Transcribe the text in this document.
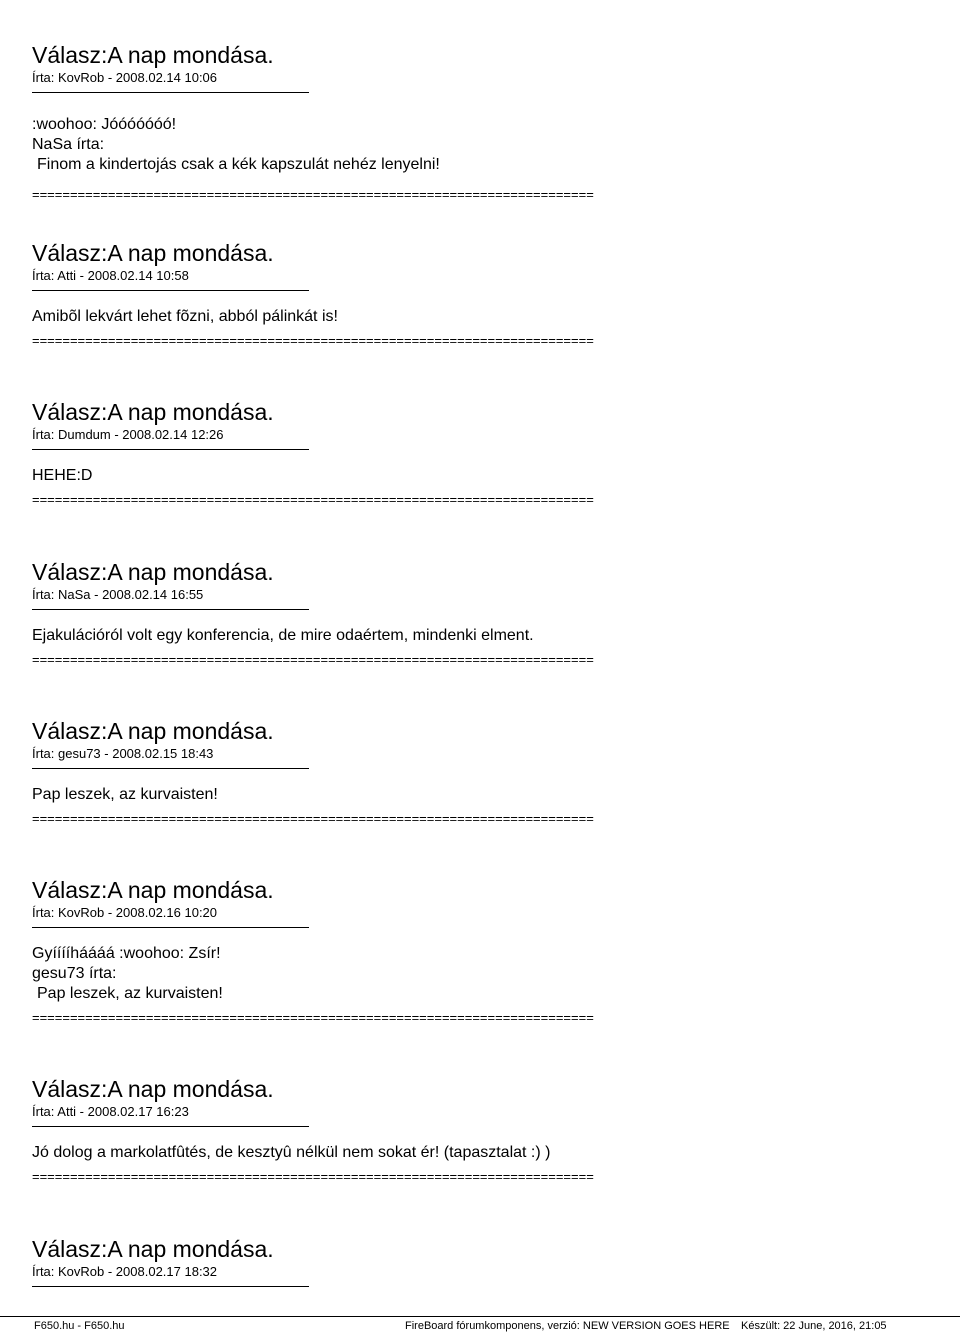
Válasz:A nap mondása.
Írta: KovRob - 2008.02.14 10:06
:woohoo: Jóóóóóóó!
NaSa írta:
Finom a kindertojás csak a kék kapszulát nehéz lenyelni!
==========================================================================
Válasz:A nap mondása.
Írta: Atti - 2008.02.14 10:58
Amibõl lekvárt lehet fõzni, abból pálinkát is!
==========================================================================
Válasz:A nap mondása.
Írta: Dumdum - 2008.02.14 12:26
HEHE:D
==========================================================================
Válasz:A nap mondása.
Írta: NaSa - 2008.02.14 16:55
Ejakulációról volt egy konferencia, de mire odaértem, mindenki elment.
==========================================================================
Válasz:A nap mondása.
Írta: gesu73 - 2008.02.15 18:43
Pap leszek, az kurvaisten!
==========================================================================
Válasz:A nap mondása.
Írta: KovRob - 2008.02.16 10:20
Gyííííháááá :woohoo: Zsír!
gesu73 írta:
Pap leszek, az kurvaisten!
==========================================================================
Válasz:A nap mondása.
Írta: Atti - 2008.02.17 16:23
Jó dolog a markolatfûtés, de kesztyû nélkül nem sokat ér! (tapasztalat :) )
==========================================================================
Válasz:A nap mondása.
Írta: KovRob - 2008.02.17 18:32
F650.hu - F650.hu	FireBoard fórumkomponens, verzió: NEW VERSION GOES HERE Készült: 22 June, 2016, 21:05
